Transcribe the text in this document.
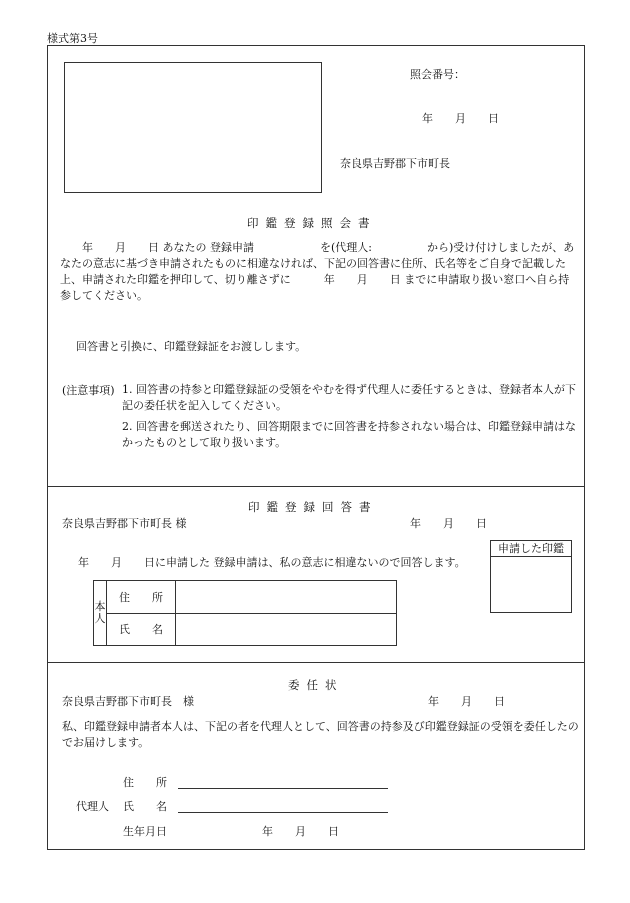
様式第3号
照会番号：
年　　月　　日
奈良県吉野郡下市町長
印鑑登録照会書
　　年　　月　　日 あなたの 登録申請　　　　　　を(代理人:　　　　　から)受け付けしましたが、あなたの意志に基づき申請されたものに相違なければ、下記の回答書に住所、氏名等をご自身で記載した上、申請された印鑑を押印して、切り離さずに　　　年　　月　　日 までに申請取り扱い窓口へ自ら持参してください。
回答書と引換に、印鑑登録証をお渡しします。
(注意事項) 1. 回答書の持参と印鑑登録証の受領をやむを得ず代理人に委任するときは、登録者本人が下記の委任状を記入してください。
2. 回答書を郵送されたり、回答期限までに回答書を持参されない場合は、印鑑登録申請はなかったものとして取り扱います。
印鑑登録回答書
奈良県吉野郡下市町長 様	年　　月　　日
年　　月　　日に申請した 登録申請は、私の意志に相違ないので回答します。
本人	住　　所	
	氏　　名	
申請した印鑑
委任状
奈良県吉野郡下市町長　様	年　　月　　日
私、印鑑登録申請者本人は、下記の者を代理人として、回答書の持参及び印鑑登録証の受領を委任したのでお届けします。
住　　所
代理人 氏　　名
生年月日	年　　月　　日
